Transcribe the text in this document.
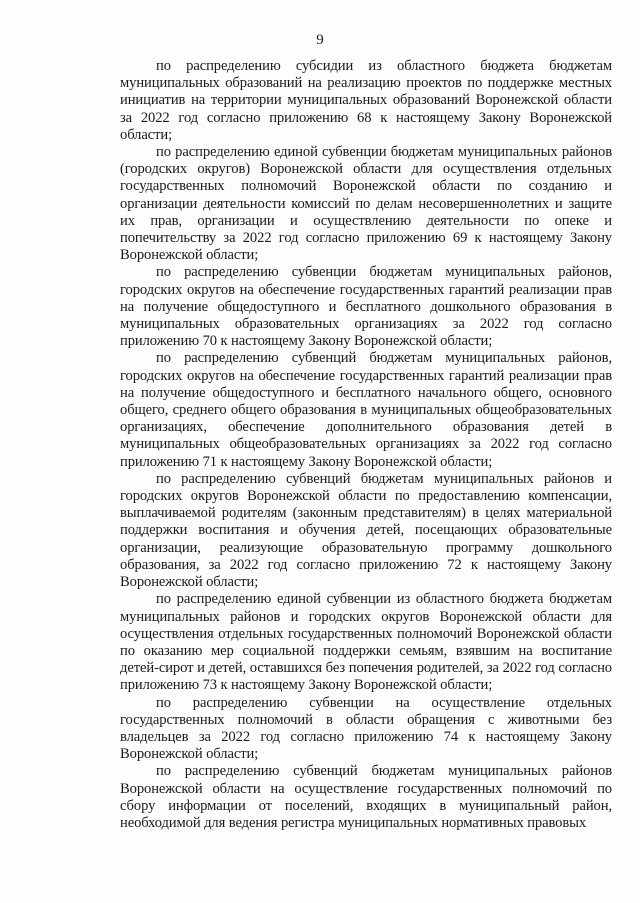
9

по распределению субсидии из областного бюджета бюджетам муниципальных образований на реализацию проектов по поддержке местных инициатив на территории муниципальных образований Воронежской области за 2022 год согласно приложению 68 к настоящему Закону Воронежской области;

по распределению единой субвенции бюджетам муниципальных районов (городских округов) Воронежской области для осуществления отдельных государственных полномочий Воронежской области по созданию и организации деятельности комиссий по делам несовершеннолетних и защите их прав, организации и осуществлению деятельности по опеке и попечительству за 2022 год согласно приложению 69 к настоящему Закону Воронежской области;

по распределению субвенции бюджетам муниципальных районов, городских округов на обеспечение государственных гарантий реализации прав на получение общедоступного и бесплатного дошкольного образования в муниципальных образовательных организациях за 2022 год согласно приложению 70 к настоящему Закону Воронежской области;

по распределению субвенций бюджетам муниципальных районов, городских округов на обеспечение государственных гарантий реализации прав на получение общедоступного и бесплатного начального общего, основного общего, среднего общего образования в муниципальных общеобразовательных организациях, обеспечение дополнительного образования детей в муниципальных общеобразовательных организациях за 2022 год согласно приложению 71 к настоящему Закону Воронежской области;

по распределению субвенций бюджетам муниципальных районов и городских округов Воронежской области по предоставлению компенсации, выплачиваемой родителям (законным представителям) в целях материальной поддержки воспитания и обучения детей, посещающих образовательные организации, реализующие образовательную программу дошкольного образования, за 2022 год согласно приложению 72 к настоящему Закону Воронежской области;

по распределению единой субвенции из областного бюджета бюджетам муниципальных районов и городских округов Воронежской области для осуществления отдельных государственных полномочий Воронежской области по оказанию мер социальной поддержки семьям, взявшим на воспитание детей-сирот и детей, оставшихся без попечения родителей, за 2022 год согласно приложению 73 к настоящему Закону Воронежской области;

по распределению субвенции на осуществление отдельных государственных полномочий в области обращения с животными без владельцев за 2022 год согласно приложению 74 к настоящему Закону Воронежской области;

по распределению субвенций бюджетам муниципальных районов Воронежской области на осуществление государственных полномочий по сбору информации от поселений, входящих в муниципальный район, необходимой для ведения регистра муниципальных нормативных правовых
